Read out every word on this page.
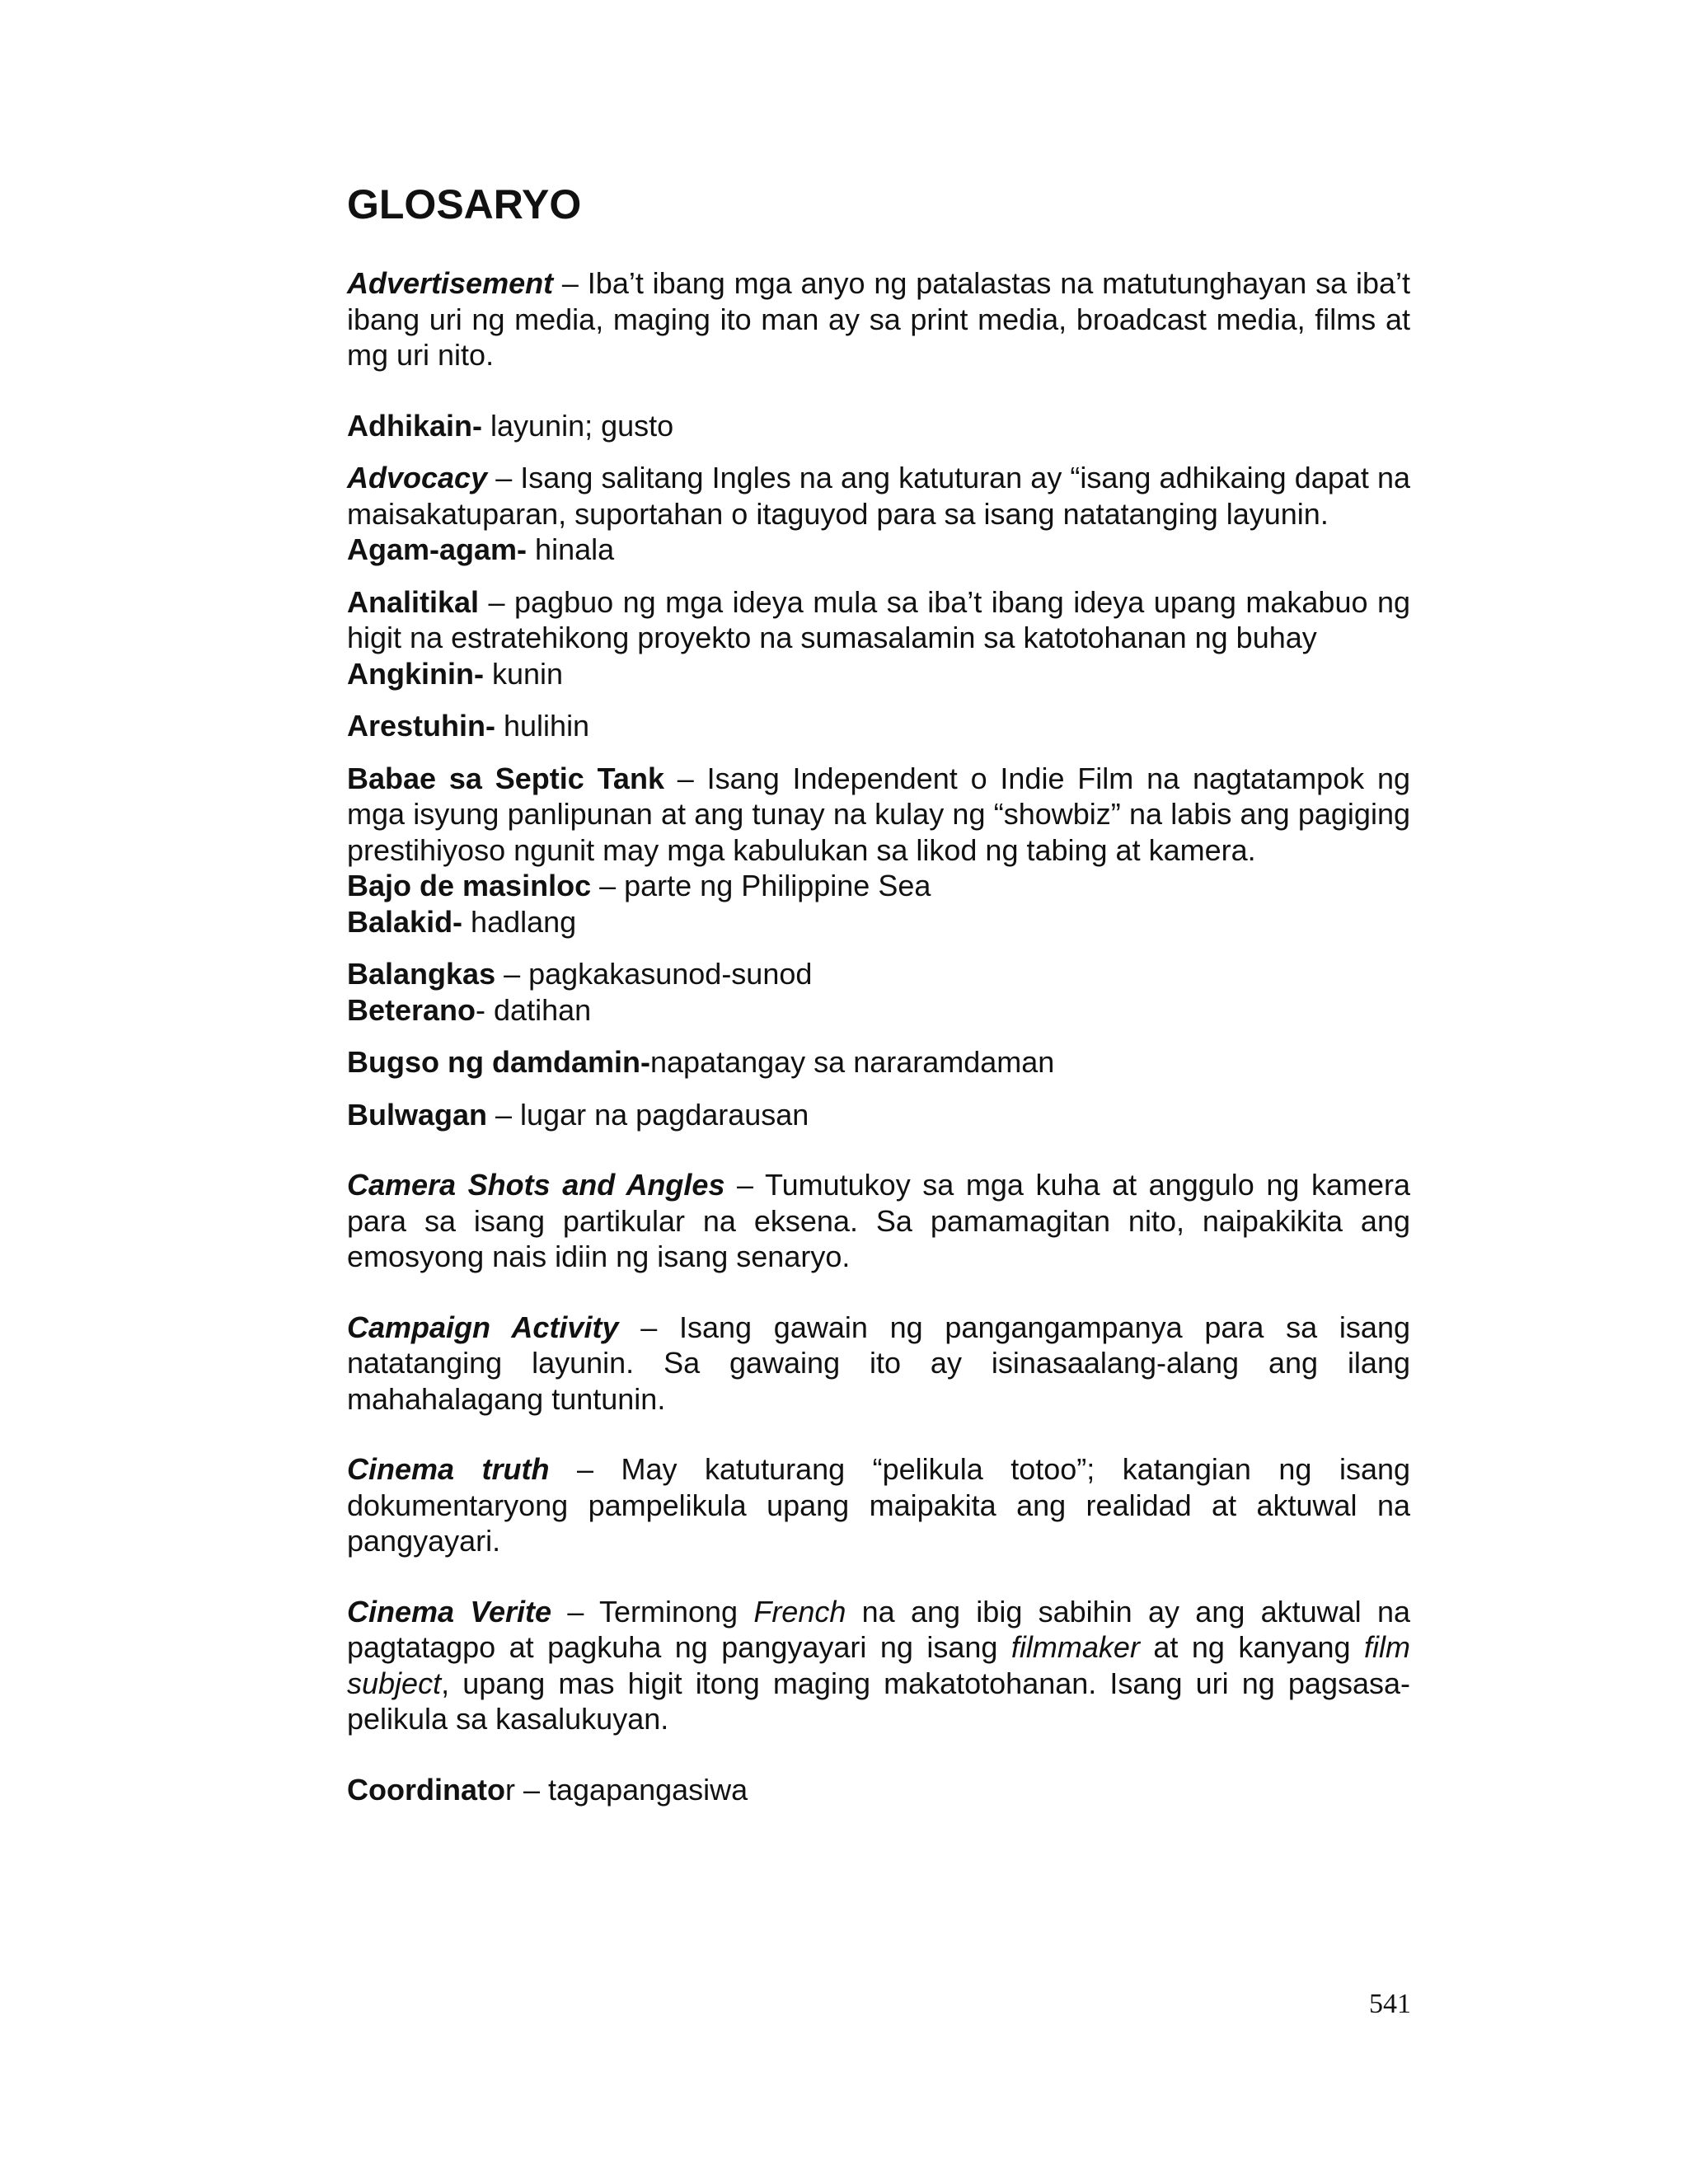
GLOSARYO

Advertisement – Iba’t ibang mga anyo ng patalastas na matutunghayan sa iba’t ibang uri ng media, maging ito man ay sa print media, broadcast media, films at mg uri nito.

Adhikain- layunin; gusto

Advocacy – Isang salitang Ingles na ang katuturan ay “isang adhikaing dapat na maisakatuparan, suportahan o itaguyod para sa isang natatanging layunin.

Agam-agam- hinala

Analitikal – pagbuo ng mga ideya mula sa iba’t ibang ideya upang makabuo ng higit na estratehikong proyekto na sumasalamin sa katotohanan ng buhay

Angkinin- kunin

Arestuhin- hulihin

Babae sa Septic Tank – Isang Independent o Indie Film na nagtatampok ng mga isyung panlipunan at ang tunay na kulay ng “showbiz” na labis ang pagiging prestihiyoso ngunit may mga kabulukan sa likod ng tabing at kamera.

Bajo de masinloc – parte ng Philippine Sea

Balakid- hadlang

Balangkas – pagkakasunod-sunod

Beterano- datihan

Bugso ng damdamin-napatangay sa nararamdaman

Bulwagan – lugar na pagdarausan

Camera Shots and Angles – Tumutukoy sa mga kuha at anggulo ng kamera para sa isang partikular na eksena. Sa pamamagitan nito, naipakikita ang emosyong nais idiin ng isang senaryo.

Campaign Activity – Isang gawain ng pangangampanya para sa isang natatanging layunin. Sa gawaing ito ay isinasaalang-alang ang ilang mahahalagang tuntunin.

Cinema truth – May katuturang “pelikula totoo”; katangian ng isang dokumentaryong pampelikula upang maipakita ang realidad at aktuwal na pangyayari.

Cinema Verite – Terminong French na ang ibig sabihin ay ang aktuwal na pagtatagpo at pagkuha ng pangyayari ng isang filmmaker at ng kanyang film subject, upang mas higit itong maging makatotohanan. Isang uri ng pagsasa-pelikula sa kasalukuyan.

Coordinator – tagapangasiwa

541
